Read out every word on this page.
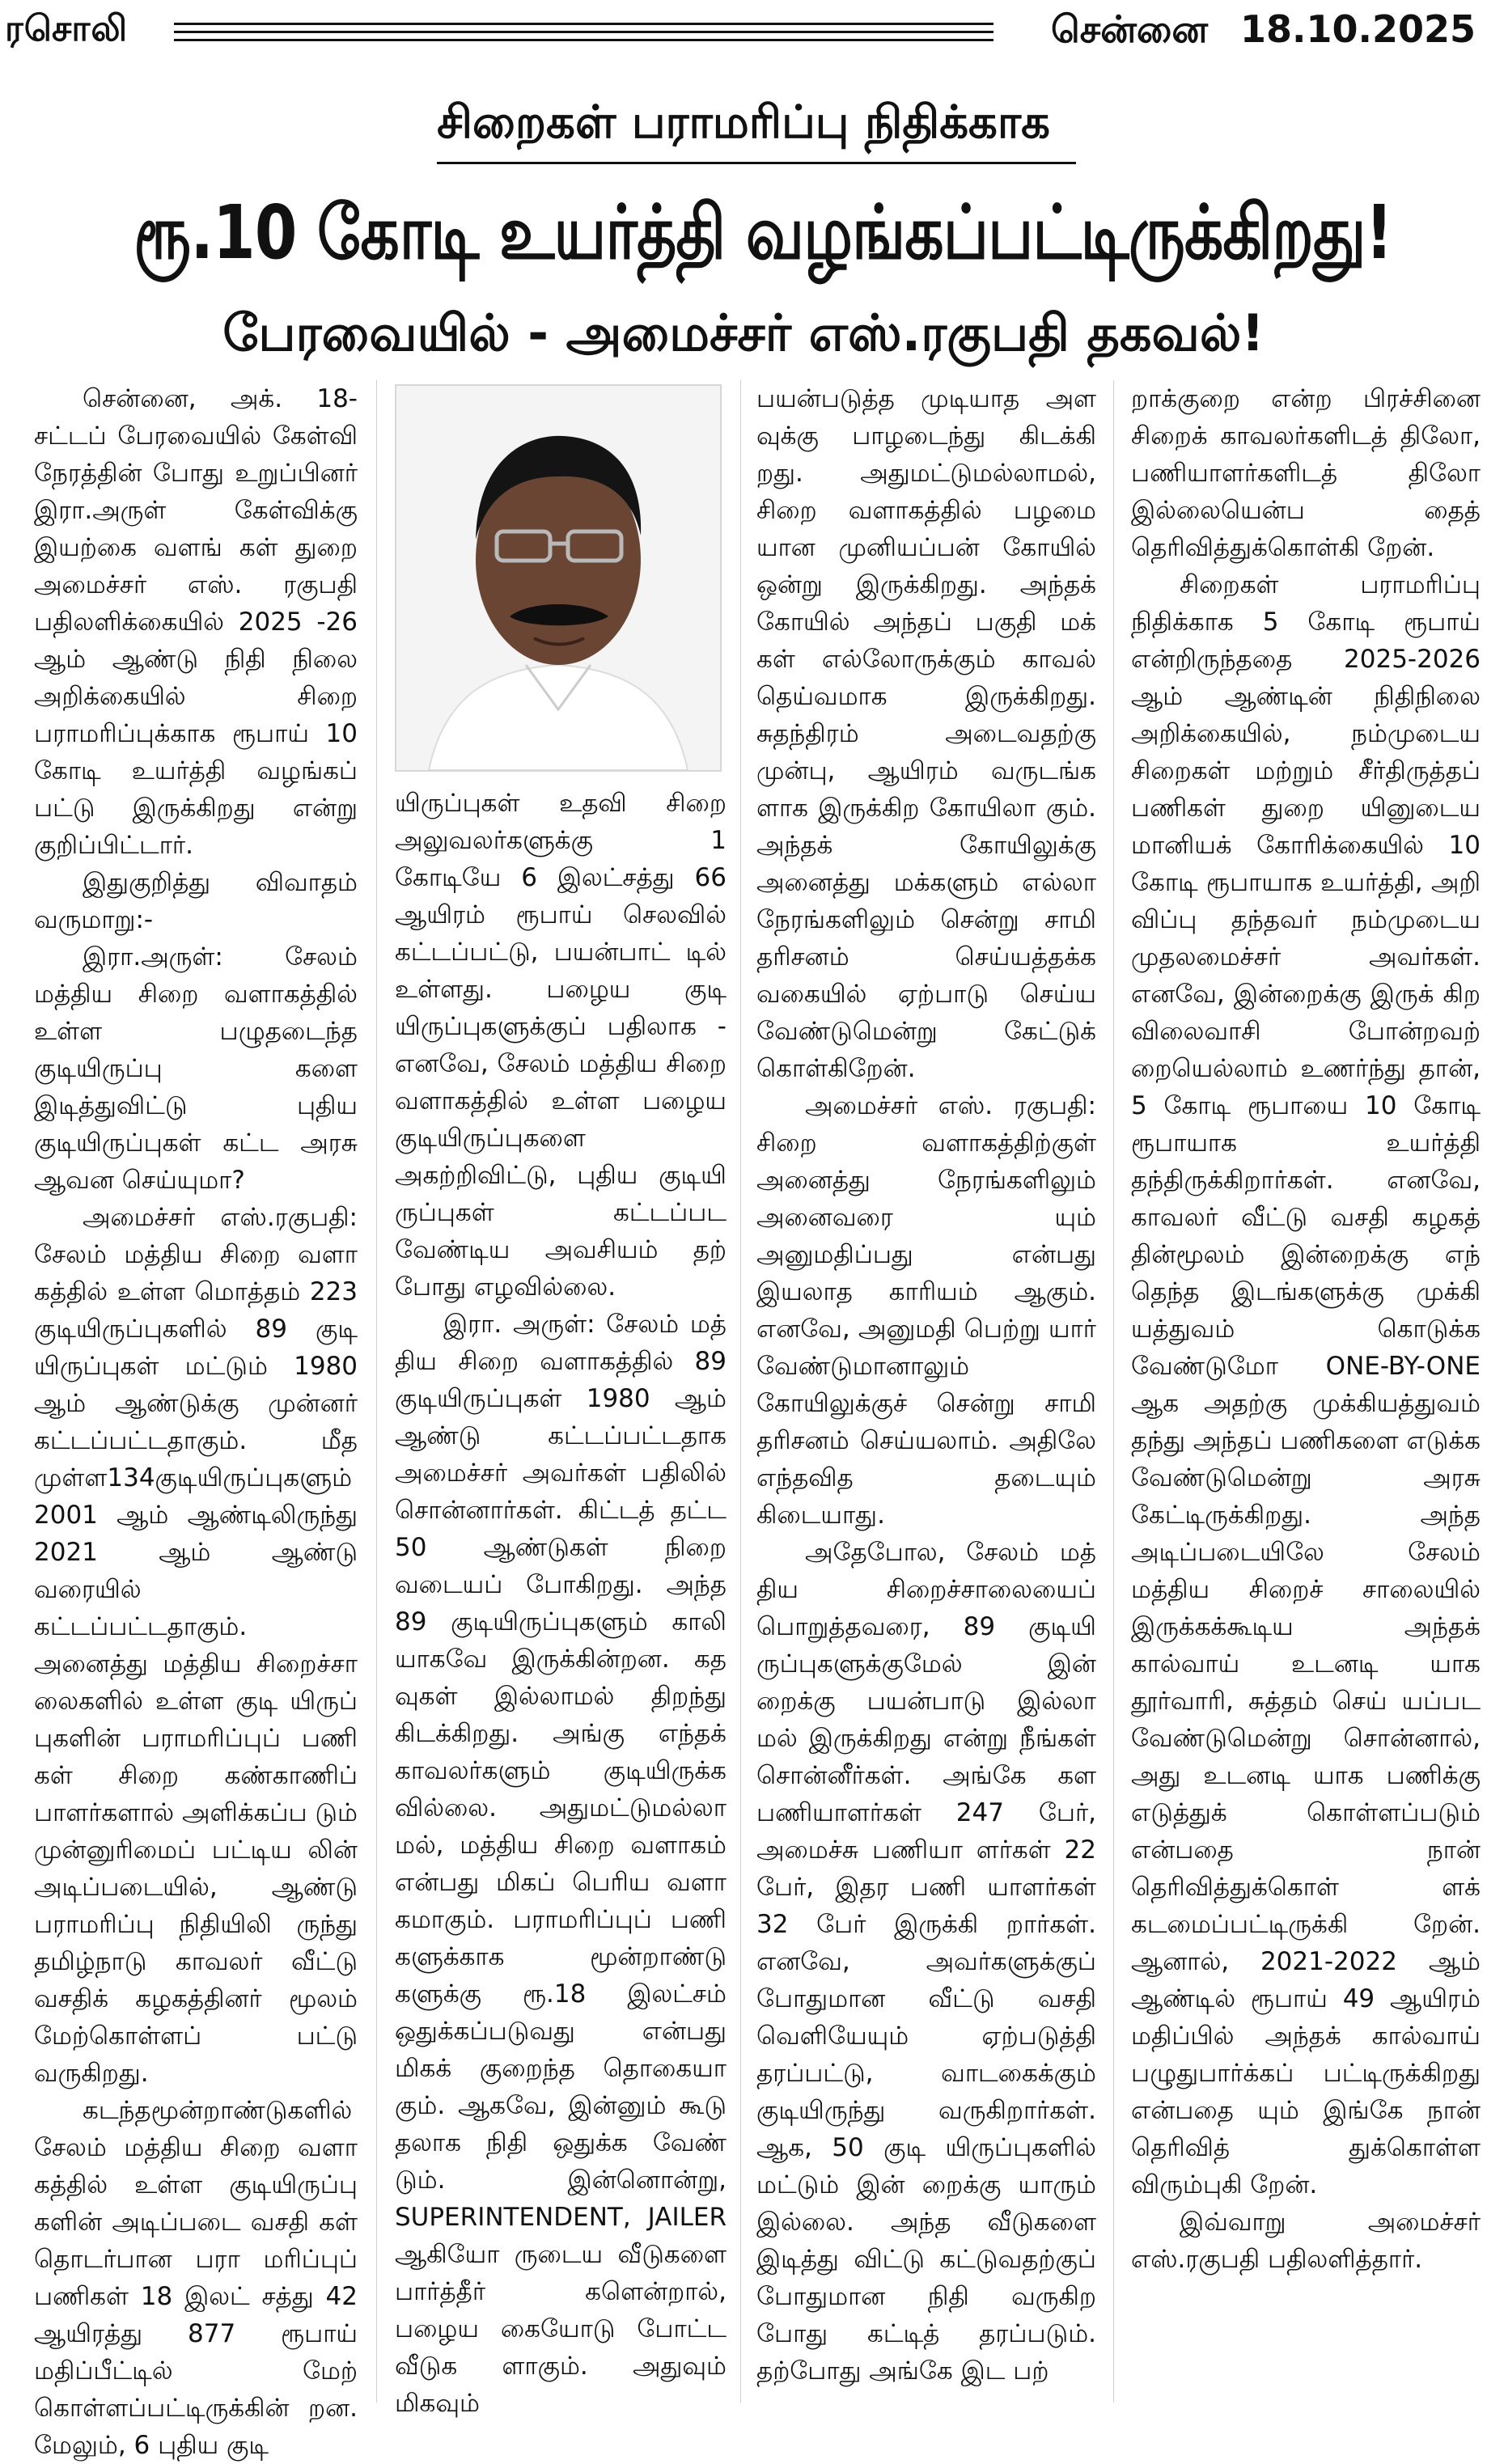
ரசொலி	சென்னை 18.10.2025
சிறைகள் பராமரிப்பு நிதிக்காக
ரூ.10 கோடி உயர்த்தி வழங்கப்பட்டிருக்கிறது!
பேரவையில் - அமைச்சர் எஸ்.ரகுபதி தகவல்!

சென்னை, அக். 18- சட்டப் பேரவையில் கேள்வி நேரத்தின் போது உறுப்பினர் இரா.அருள் கேள்விக்கு இயற்கை வளங் கள் துறை அமைச்சர் எஸ். ரகுபதி பதிலளிக்கையில் 2025 -26 ஆம் ஆண்டு நிதி நிலை அறிக்கையில் சிறை பராமரிப்புக்காக ரூபாய் 10 கோடி உயர்த்தி வழங்கப் பட்டு இருக்கிறது என்று குறிப்பிட்டார்.

இதுகுறித்து விவாதம் வருமாறு:-

இரா.அருள்: சேலம் மத்திய சிறை வளாகத்தில் உள்ள பழுதடைந்த குடியிருப்பு களை இடித்துவிட்டு புதிய குடியிருப்புகள் கட்ட அரசு ஆவன செய்யுமா?

அமைச்சர் எஸ்.ரகுபதி: சேலம் மத்திய சிறை வளா கத்தில் உள்ள மொத்தம் 223 குடியிருப்புகளில் 89 குடி யிருப்புகள் மட்டும் 1980 ஆம் ஆண்டுக்கு முன்னர் கட்டப்பட்டதாகும். மீத முள்ள134குடியிருப்புகளும் 2001 ஆம் ஆண்டிலிருந்து 2021 ஆம் ஆண்டு வரையில் கட்டப்பட்டதாகும். அனைத்து மத்திய சிறைச்சா லைகளில் உள்ள குடி யிருப் புகளின் பராமரிப்புப் பணி கள் சிறை கண்காணிப் பாளர்களால் அளிக்கப்ப டும் முன்னுரிமைப் பட்டிய லின் அடிப்படையில், ஆண்டு பராமரிப்பு நிதியிலி ருந்து தமிழ்நாடு காவலர் வீட்டு வசதிக் கழகத்தினர் மூலம் மேற்கொள்ளப் பட்டு வருகிறது.

கடந்தமூன்றாண்டுகளில் சேலம் மத்திய சிறை வளா கத்தில் உள்ள குடியிருப்பு களின் அடிப்படை வசதி கள் தொடர்பான பரா மரிப்புப் பணிகள் 18 இலட் சத்து 42 ஆயிரத்து 877 ரூபாய் மதிப்பீட்டில் மேற் கொள்ளப்பட்டிருக்கின் றன. மேலும், 6 புதிய குடி

யிருப்புகள் உதவி சிறை அலுவலர்களுக்கு 1 கோடியே 6 இலட்சத்து 66 ஆயிரம் ரூபாய் செலவில் கட்டப்பட்டு, பயன்பாட் டில் உள்ளது. பழைய குடி யிருப்புகளுக்குப் பதிலாக - எனவே, சேலம் மத்திய சிறை வளாகத்தில் உள்ள பழைய குடியிருப்புகளை அகற்றிவிட்டு, புதிய குடியி ருப்புகள் கட்டப்பட வேண்டிய அவசியம் தற் போது எழவில்லை.

இரா. அருள்: சேலம் மத் திய சிறை வளாகத்தில் 89 குடியிருப்புகள் 1980 ஆம் ஆண்டு கட்டப்பட்டதாக அமைச்சர் அவர்கள் பதிலில் சொன்னார்கள். கிட்டத் தட்ட 50 ஆண்டுகள் நிறை வடையப் போகிறது. அந்த 89 குடியிருப்புகளும் காலி யாகவே இருக்கின்றன. கத வுகள் இல்லாமல் திறந்து கிடக்கிறது. அங்கு எந்தக் காவலர்களும் குடியிருக்க வில்லை. அதுமட்டுமல்லா மல், மத்திய சிறை வளாகம் என்பது மிகப் பெரிய வளா கமாகும். பராமரிப்புப் பணி களுக்காக மூன்றாண்டு களுக்கு ரூ.18 இலட்சம் ஒதுக்கப்படுவது என்பது மிகக் குறைந்த தொகையா கும். ஆகவே, இன்னும் கூடு தலாக நிதி ஒதுக்க வேண் டும். இன்னொன்று, SUPERINTENDENT, JAILER ஆகியோ ருடைய வீடுகளை பார்த்தீர் களென்றால், பழைய கையோடு போட்ட வீடுக ளாகும். அதுவும் மிகவும்

பயன்படுத்த முடியாத அள வுக்கு பாழடைந்து கிடக்கி றது. அதுமட்டுமல்லாமல், சிறை வளாகத்தில் பழமை யான முனியப்பன் கோயில் ஒன்று இருக்கிறது. அந்தக் கோயில் அந்தப் பகுதி மக் கள் எல்லோருக்கும் காவல் தெய்வமாக இருக்கிறது. சுதந்திரம் அடைவதற்கு முன்பு, ஆயிரம் வருடங்க ளாக இருக்கிற கோயிலா கும். அந்தக் கோயிலுக்கு அனைத்து மக்களும் எல்லா நேரங்களிலும் சென்று சாமி தரிசனம் செய்யத்தக்க வகையில் ஏற்பாடு செய்ய வேண்டுமென்று கேட்டுக் கொள்கிறேன்.

அமைச்சர் எஸ். ரகுபதி: சிறை வளாகத்திற்குள் அனைத்து நேரங்களிலும் அனைவரை யும் அனுமதிப்பது என்பது இயலாத காரியம் ஆகும். எனவே, அனுமதி பெற்று யார் வேண்டுமானாலும் கோயிலுக்குச் சென்று சாமி தரிசனம் செய்யலாம். அதிலே எந்தவித தடையும் கிடையாது.

அதேபோல, சேலம் மத் திய சிறைச்சாலையைப் பொறுத்தவரை, 89 குடியி ருப்புகளுக்குமேல் இன் றைக்கு பயன்பாடு இல்லா மல் இருக்கிறது என்று நீங்கள் சொன்னீர்கள். அங்கே கள பணியாளர்கள் 247 பேர், அமைச்சு பணியா ளர்கள் 22 பேர், இதர பணி யாளர்கள் 32 பேர் இருக்கி றார்கள். எனவே, அவர்களுக்குப் போதுமான வீட்டு வசதி வெளியேயும் ஏற்படுத்தி தரப்பட்டு, வாடகைக்கும் குடியிருந்து வருகிறார்கள். ஆக, 50 குடி யிருப்புகளில் மட்டும் இன் றைக்கு யாரும் இல்லை. அந்த வீடுகளை இடித்து விட்டு கட்டுவதற்குப் போதுமான நிதி வருகிற போது கட்டித் தரப்படும். தற்போது அங்கே இட பற்

றாக்குறை என்ற பிரச்சினை சிறைக் காவலர்களிடத் திலோ, பணியாளர்களிடத் திலோ இல்லையென்ப தைத் தெரிவித்துக்கொள்கி றேன்.

சிறைகள் பராமரிப்பு நிதிக்காக 5 கோடி ரூபாய் என்றிருந்ததை 2025-2026 ஆம் ஆண்டின் நிதிநிலை அறிக்கையில், நம்முடைய சிறைகள் மற்றும் சீர்திருத்தப் பணிகள் துறை யினுடைய மானியக் கோரிக்கையில் 10 கோடி ரூபாயாக உயர்த்தி, அறி விப்பு தந்தவர் நம்முடைய முதலமைச்சர் அவர்கள். எனவே, இன்றைக்கு இருக் கிற விலைவாசி போன்றவற் றையெல்லாம் உணர்ந்து தான், 5 கோடி ரூபாயை 10 கோடி ரூபாயாக உயர்த்தி தந்திருக்கிறார்கள். எனவே, காவலர் வீட்டு வசதி கழகத் தின்மூலம் இன்றைக்கு எந் தெந்த இடங்களுக்கு முக்கி யத்துவம் கொடுக்க வேண்டுமோ ONE-BY-ONE ஆக அதற்கு முக்கியத்துவம் தந்து அந்தப் பணிகளை எடுக்க வேண்டுமென்று அரசு கேட்டிருக்கிறது. அந்த அடிப்படையிலே சேலம் மத்திய சிறைச் சாலையில் இருக்கக்கூடிய அந்தக் கால்வாய் உடனடி யாக தூர்வாரி, சுத்தம் செய் யப்பட வேண்டுமென்று சொன்னால், அது உடனடி யாக பணிக்கு எடுத்துக் கொள்ளப்படும் என்பதை நான் தெரிவித்துக்கொள் ளக் கடமைப்பட்டிருக்கி றேன். ஆனால், 2021-2022 ஆம் ஆண்டில் ரூபாய் 49 ஆயிரம் மதிப்பில் அந்தக் கால்வாய் பழுதுபார்க்கப் பட்டிருக்கிறது என்பதை யும் இங்கே நான் தெரிவித் துக்கொள்ள விரும்புகி றேன்.

இவ்வாறு அமைச்சர் எஸ்.ரகுபதி பதிலளித்தார்.
